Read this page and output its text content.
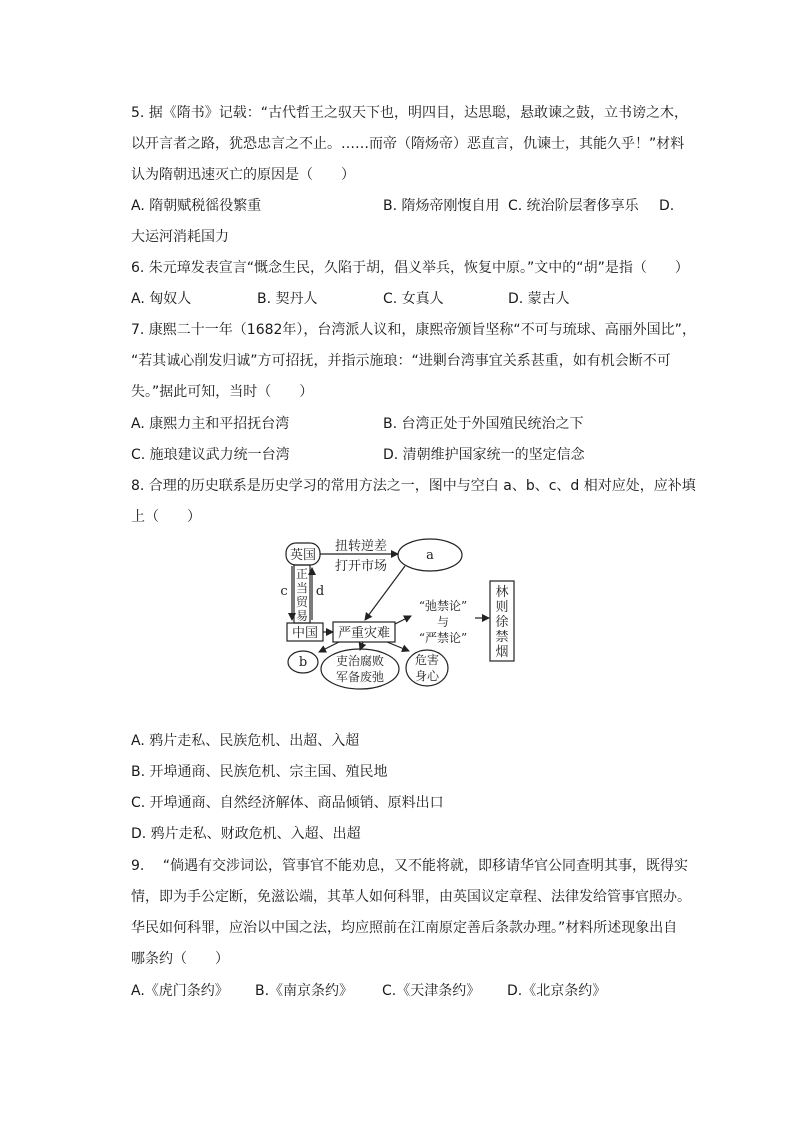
5. 据《隋书》记载：“古代哲王之驭天下也，明四目，达思聪，悬敢谏之鼓，立书谤之木，
以开言者之路，犹恐忠言之不止。……而帝（隋炀帝）恶直言，仇谏士，其能久乎！”材料
认为隋朝迅速灭亡的原因是（　　）
A. 隋朝赋税徭役繁重	B. 隋炀帝刚愎自用 C. 统治阶层奢侈享乐 D.
大运河消耗国力
6. 朱元璋发表宣言“慨念生民，久陷于胡，倡义举兵，恢复中原。”文中的“胡”是指（　　）
A. 匈奴人	B. 契丹人	C. 女真人	D. 蒙古人
7. 康熙二十一年（1682年），台湾派人议和，康熙帝颁旨坚称“不可与琉球、高丽外国比”，
“若其诚心削发归诚”方可招抚，并指示施琅：“进剿台湾事宜关系甚重，如有机会断不可
失。”据此可知，当时（　　）
A. 康熙力主和平招抚台湾	B. 台湾正处于外国殖民统治之下
C. 施琅建议武力统一台湾	D. 清朝维护国家统一的坚定信念
8. 合理的历史联系是历史学习的常用方法之一，图中与空白 a、b、c、d 相对应处，应补填
上（　　）
英国
扭转逆差
打开市场
a
正
当
贸
易
c d
中国 严重灾难
“弛禁论”
与
“严禁论”
林
则
徐
禁
烟
b 吏治腐败
军备废弛
危害
身心
A. 鸦片走私、民族危机、出超、入超
B. 开埠通商、民族危机、宗主国、殖民地
C. 开埠通商、自然经济解体、商品倾销、原料出口
D. 鸦片走私、财政危机、入超、出超
9. 　“倘遇有交涉词讼，管事官不能劝息，又不能将就，即移请华官公同查明其事，既得实
情，即为手公定断，免滋讼端，其革人如何科罪，由英国议定章程、法律发给管事官照办。
华民如何科罪，应治以中国之法，均应照前在江南原定善后条款办理。”材料所述现象出自
哪条约（　　）
A.《虎门条约》 B.《南京条约》 C.《天津条约》 D.《北京条约》
